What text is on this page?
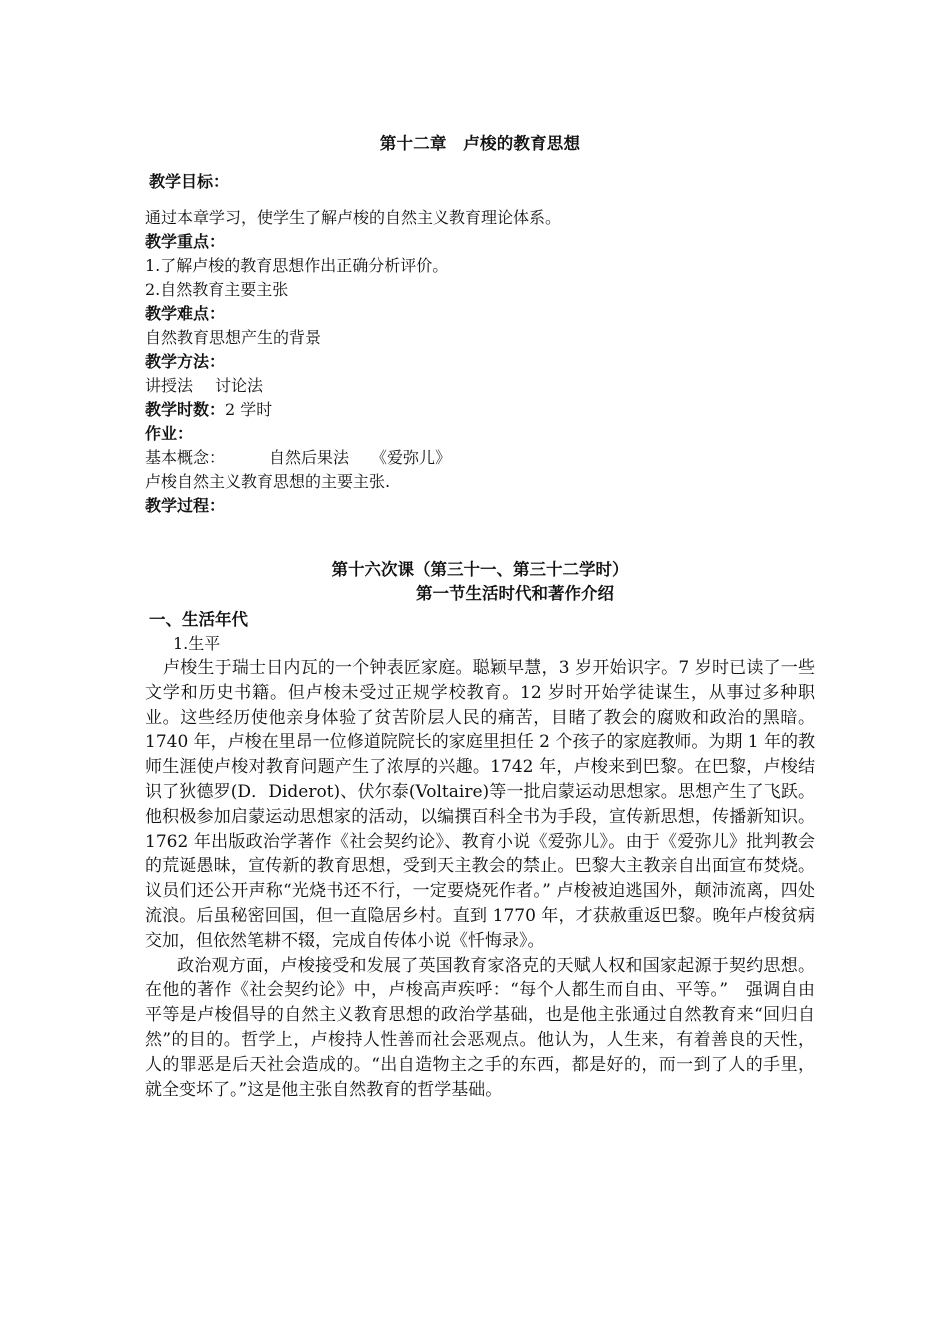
第十二章　卢梭的教育思想

教学目标：

通过本章学习，使学生了解卢梭的自然主义教育理论体系。

教学重点：

1.了解卢梭的教育思想作出正确分析评价。

2.自然教育主要主张

教学难点：

自然教育思想产生的背景

教学方法：

讲授法 讨论法

教学时数：2 学时

作业：

基本概念：	自然后果法 《爱弥儿》

卢梭自然主义教育思想的主要主张.

教学过程：

第十六次课（第三十一、第三十二学时）

第一节生活时代和著作介绍

一、生活年代

1.生平

卢梭生于瑞士日内瓦的一个钟表匠家庭。聪颖早慧，3 岁开始识字。7 岁时已读了一些文学和历史书籍。但卢梭未受过正规学校教育。12 岁时开始学徒谋生，从事过多种职业。这些经历使他亲身体验了贫苦阶层人民的痛苦，目睹了教会的腐败和政治的黑暗。1740 年，卢梭在里昂一位修道院院长的家庭里担任 2 个孩子的家庭教师。为期 1 年的教师生涯使卢梭对教育问题产生了浓厚的兴趣。1742 年，卢梭来到巴黎。在巴黎，卢梭结识了狄德罗(D．Diderot)、伏尔泰(Voltaire)等一批启蒙运动思想家。思想产生了飞跃。他积极参加启蒙运动思想家的活动，以编撰百科全书为手段，宣传新思想，传播新知识。1762 年出版政治学著作《社会契约论》、教育小说《爱弥儿》。由于《爱弥儿》批判教会的荒诞愚昧，宣传新的教育思想，受到天主教会的禁止。巴黎大主教亲自出面宣布焚烧。议员们还公开声称“光烧书还不行，一定要烧死作者。” 卢梭被迫逃国外，颠沛流离，四处流浪。后虽秘密回国，但一直隐居乡村。直到 1770 年，才获赦重返巴黎。晚年卢梭贫病交加，但依然笔耕不辍，完成自传体小说《忏悔录》。

政治观方面，卢梭接受和发展了英国教育家洛克的天赋人权和国家起源于契约思想。在他的著作《社会契约论》中，卢梭高声疾呼：“每个人都生而自由、平等。”　强调自由平等是卢梭倡导的自然主义教育思想的政治学基础，也是他主张通过自然教育来“回归自然”的目的。哲学上，卢梭持人性善而社会恶观点。他认为，人生来，有着善良的天性，人的罪恶是后天社会造成的。“出自造物主之手的东西，都是好的，而一到了人的手里，就全变坏了。”这是他主张自然教育的哲学基础。
